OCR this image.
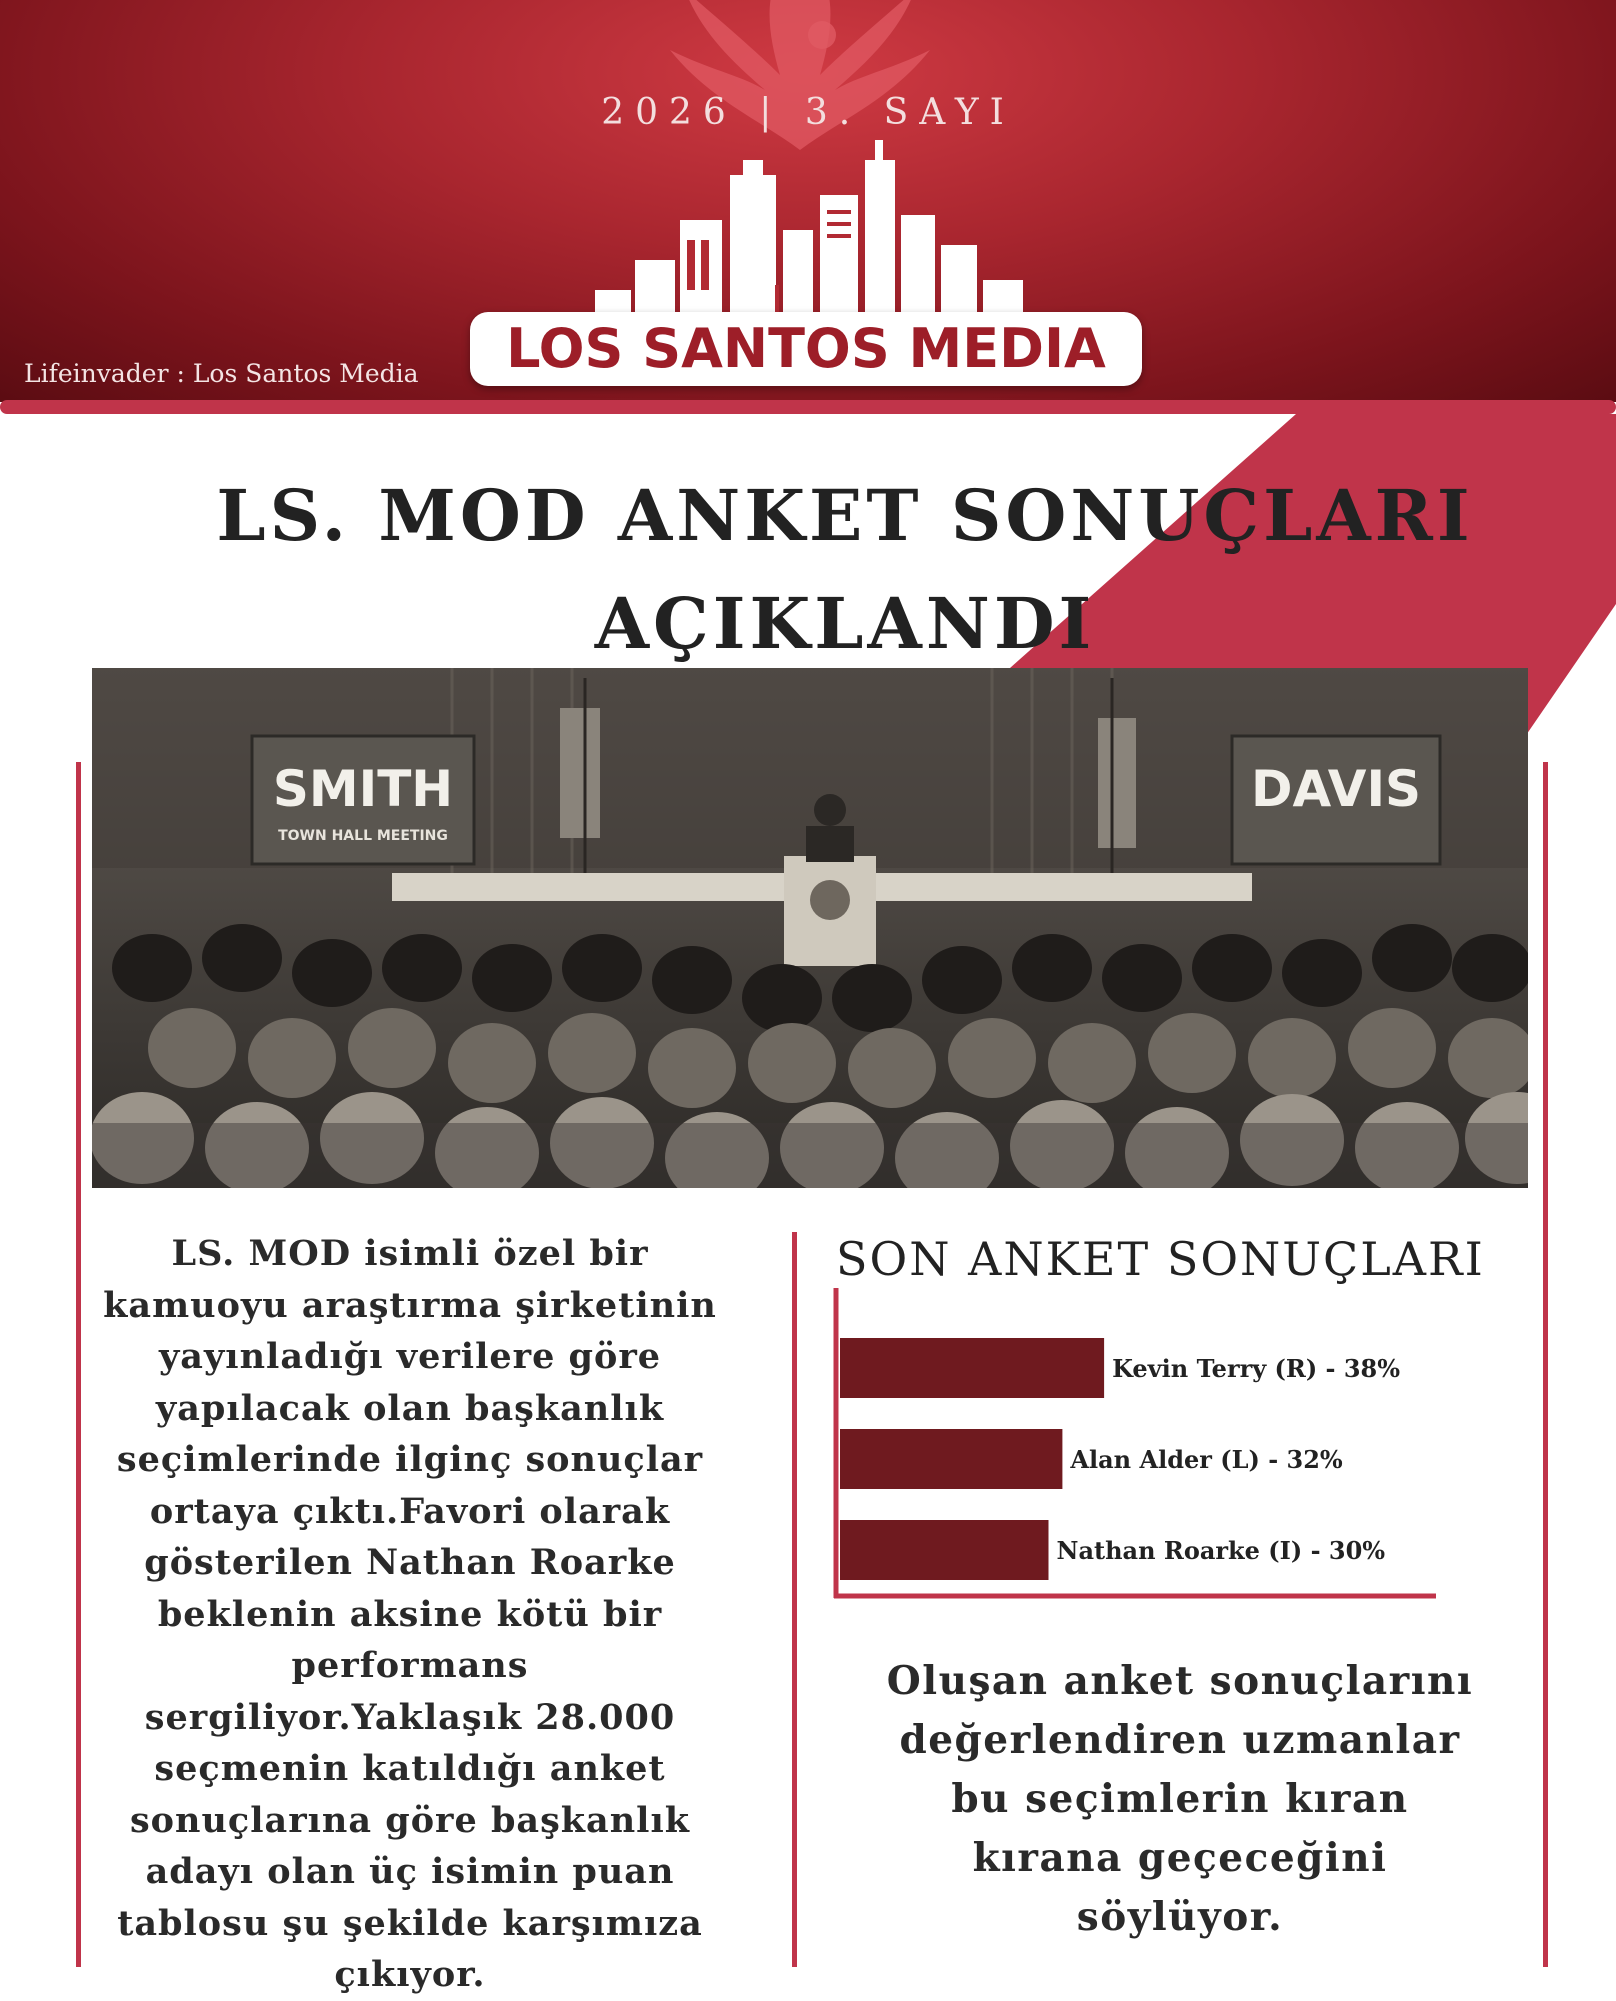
2026 | 3. SAYI
LOS SANTOS MEDIA
Lifeinvader : Los Santos Media
LS. MOD ANKET SONUÇLARI
AÇIKLANDI
SMITH
TOWN HALL MEETING
DAVIS
LS. MOD isimli özel bir kamuoyu araştırma şirketinin yayınladığı verilere göre yapılacak olan başkanlık seçimlerinde ilginç sonuçlar ortaya çıktı.Favori olarak gösterilen Nathan Roarke beklenin aksine kötü bir performans sergiliyor.Yaklaşık 28.000 seçmenin katıldığı anket sonuçlarına göre başkanlık adayı olan üç isimin puan tablosu şu şekilde karşımıza çıkıyor.
SON ANKET SONUÇLARI
Kevin Terry (R) - 38%
Alan Alder (L) - 32%
Nathan Roarke (I) - 30%
Oluşan anket sonuçlarını değerlendiren uzmanlar bu seçimlerin kıran kırana geçeceğini söylüyor.
